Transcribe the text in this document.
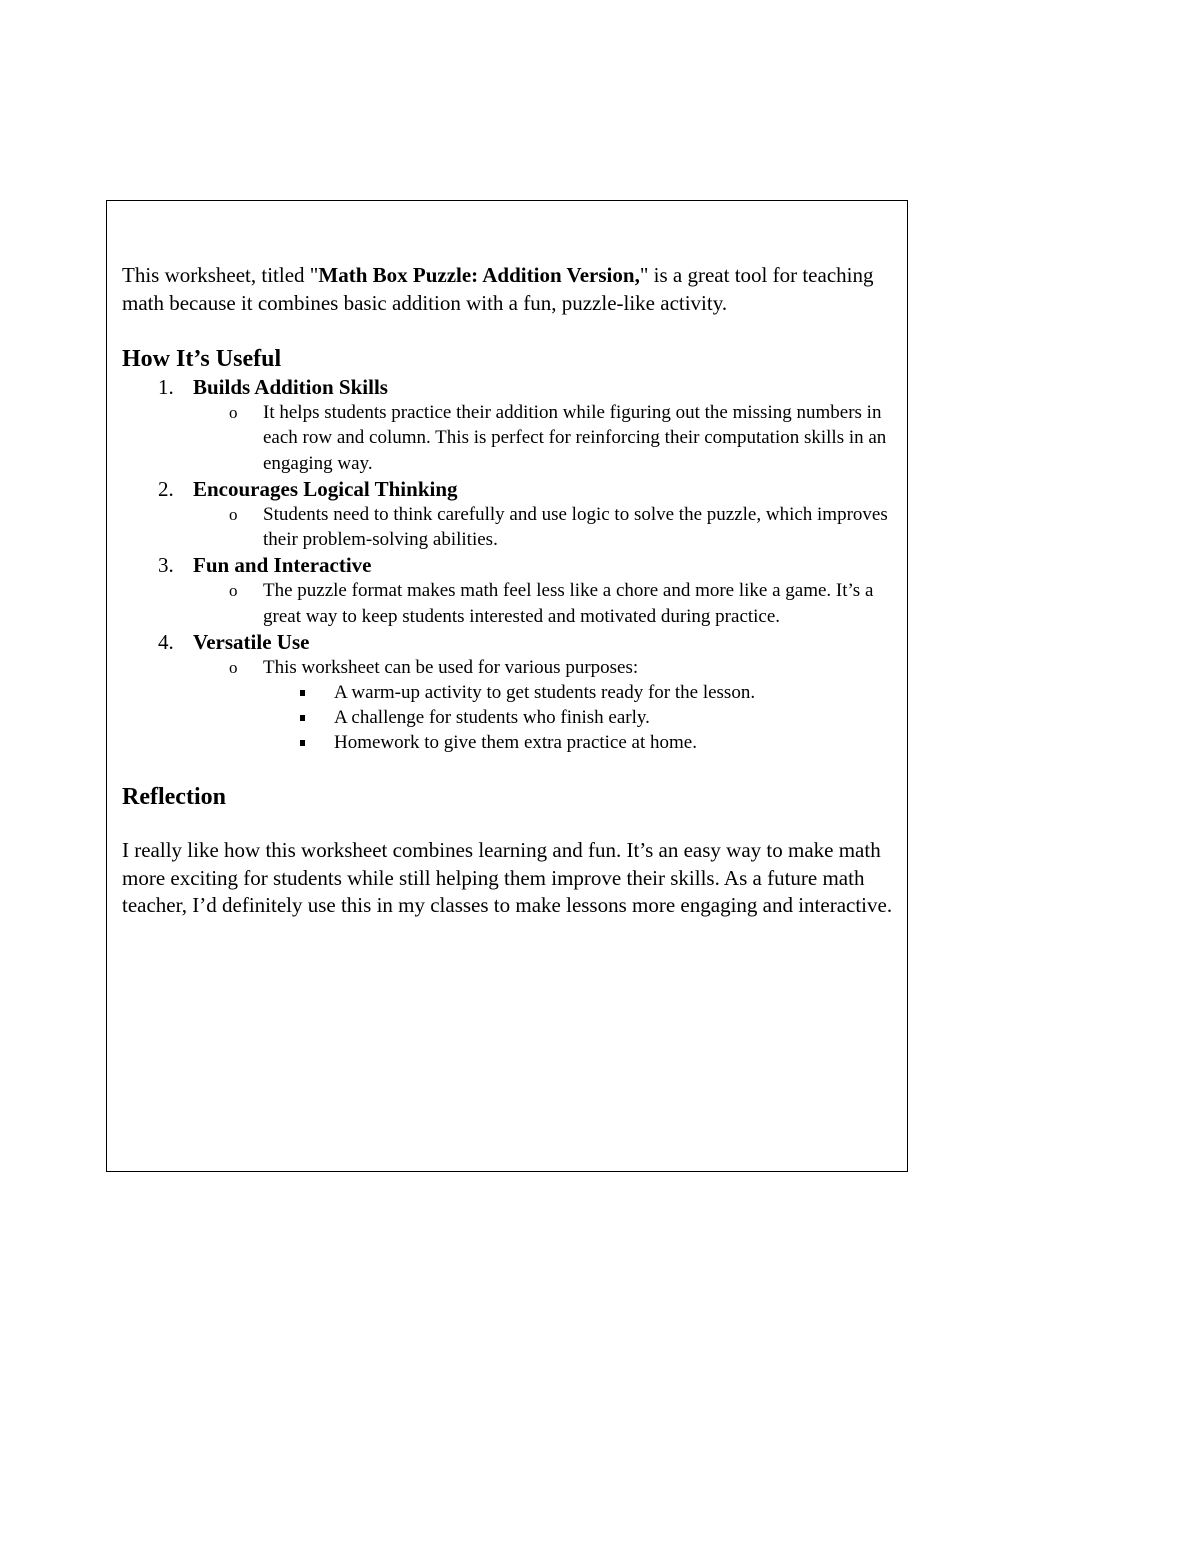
This worksheet, titled "Math Box Puzzle: Addition Version," is a great tool for teaching math because it combines basic addition with a fun, puzzle-like activity.

How It’s Useful
1. Builds Addition Skills
o It helps students practice their addition while figuring out the missing numbers in each row and column. This is perfect for reinforcing their computation skills in an engaging way.
2. Encourages Logical Thinking
o Students need to think carefully and use logic to solve the puzzle, which improves their problem-solving abilities.
3. Fun and Interactive
o The puzzle format makes math feel less like a chore and more like a game. It’s a great way to keep students interested and motivated during practice.
4. Versatile Use
o This worksheet can be used for various purposes:
A warm-up activity to get students ready for the lesson.
A challenge for students who finish early.
Homework to give them extra practice at home.
Reflection

I really like how this worksheet combines learning and fun. It’s an easy way to make math more exciting for students while still helping them improve their skills. As a future math teacher, I’d definitely use this in my classes to make lessons more engaging and interactive.
